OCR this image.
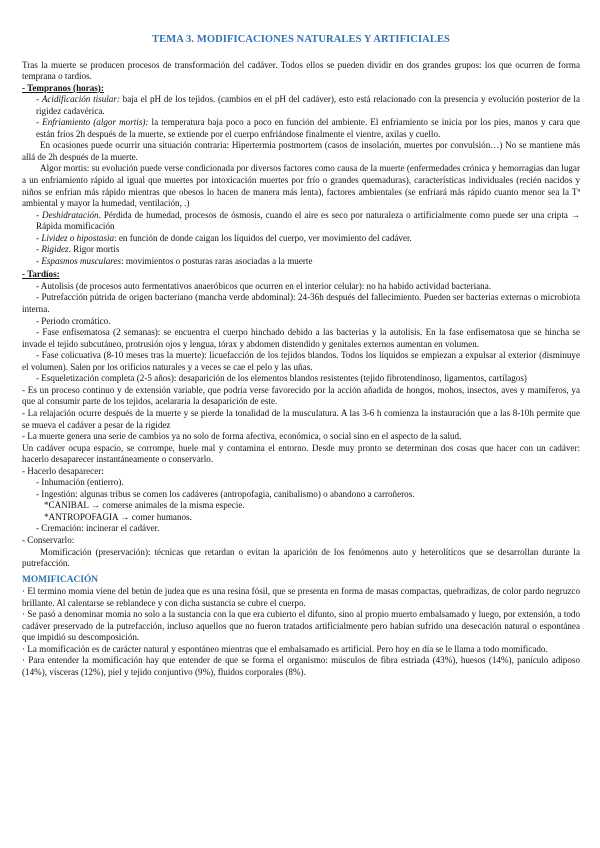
TEMA 3. MODIFICACIONES NATURALES Y ARTIFICIALES

Tras la muerte se producen procesos de transformación del cadáver. Todos ellos se pueden dividir en dos grandes grupos: los que ocurren de forma temprana o tardíos.

- Tempranos (horas):

- Acidificación tisular: baja el pH de los tejidos. (cambios en el pH del cadáver), esto está relacionado con la presencia y evolución posterior de la rigidez cadavérica.

- Enfriamiento (algor mortis): la temperatura baja poco a poco en función del ambiente. El enfriamiento se inicia por los pies, manos y cara que están fríos 2h después de la muerte, se extiende por el cuerpo enfriándose finalmente el vientre, axilas y cuello.

En ocasiones puede ocurrir una situación contraria: Hipertermia postmortem (casos de insolación, muertes por convulsión…) No se mantiene más allá de 2h después de la muerte.

Algor mortis: su evolución puede verse condicionada por diversos factores como causa de la muerte (enfermedades crónica y hemorragias dan lugar a un enfriamiento rápido al igual que muertes por intoxicación muertes por frío o grandes quemaduras), características individuales (recién nacidos y niños se enfrían más rápido mientras que obesos lo hacen de manera más lenta), factores ambientales (se enfriará más rápido cuanto menor sea la Tª ambiental y mayor la humedad, ventilación, .)

- Deshidratación. Pérdida de humedad, procesos de ósmosis, cuando el aire es seco por naturaleza o artificialmente como puede ser una cripta → Rápida momificación

- Lividez o hipostasia: en función de donde caigan los líquidos del cuerpo, ver movimiento del cadáver.

- Rigidez. Rigor mortis

- Espasmos musculares: movimientos o posturas raras asociadas a la muerte

- Tardíos:

- Autolisis (de procesos auto fermentativos anaeróbicos que ocurren en el interior celular): no ha habido actividad bacteriana.

- Putrefacción pútrida de origen bacteriano (mancha verde abdominal): 24-36h después del fallecimiento. Pueden ser bacterias externas o microbiota interna.

- Periodo cromático.

- Fase enfisematosa (2 semanas): se encuentra el cuerpo hinchado debido a las bacterias y la autolisis. En la fase enfisematosa que se hincha se invade el tejido subcutáneo, protrusión ojos y lengua, tórax y abdomen distendido y genitales externos aumentan en volumen.

- Fase colicuativa (8-10 meses tras la muerte): licuefacción de los tejidos blandos. Todos los líquidos se empiezan a expulsar al exterior (disminuye el volumen). Salen por los orificios naturales y a veces se cae el pelo y las uñas.

- Esqueletización completa (2-5 años): desaparición de los elementos blandos resistentes (tejido fibrotendinoso, ligamentos, cartílagos)

- Es un proceso continuo y de extensión variable, que podría verse favorecido por la acción añadida de hongos, mohos, insectos, aves y mamíferos, ya que al consumir parte de los tejidos, acelararía la desaparición de este.

- La relajación ocurre después de la muerte y se pierde la tonalidad de la musculatura. A las 3-6 h comienza la instauración que a las 8-10h permite que se mueva el cadáver a pesar de la rigidez

- La muerte genera una serie de cambios ya no solo de forma afectiva, económica, o social sino en el aspecto de la salud.

Un cadáver ocupa espacio, se corrompe, huele mal y contamina el entorno. Desde muy pronto se determinan dos cosas que hacer con un cadáver: hacerlo desaparecer instantáneamente o conservarlo.

- Hacerlo desaparecer:

- Inhumación (entierro).

- Ingestión: algunas tribus se comen los cadáveres (antropofagia, canibalismo) o abandono a carroñeros.

*CANIBAL → comerse animales de la misma especie.

*ANTROPOFAGIA → comer humanos.

- Cremación: incinerar el cadáver.

- Conservarlo:

Momificación (preservación): técnicas que retardan o evitan la aparición de los fenómenos auto y heterolíticos que se desarrollan durante la putrefacción.

MOMIFICACIÓN

· El termino momia viene del betún de judea que es una resina fósil, que se presenta en forma de masas compactas, quebradizas, de color pardo negruzco brillante. Al calentarse se reblandece y con dicha sustancia se cubre el cuerpo.

· Se pasó a denominar momia no solo a la sustancia con la que era cubierto el difunto, sino al propio muerto embalsamado y luego, por extensión, a todo cadáver preservado de la putrefacción, incluso aquellos que no fueron tratados artificialmente pero habían sufrido una desecación natural o espontánea que impidió su descomposición.

· La momificación es de carácter natural y espontáneo mientras que el embalsamado es artificial. Pero hoy en día se le llama a todo momificado.

· Para entender la momificación hay que entender de que se forma el organismo: músculos de fibra estriada (43%), huesos (14%), panículo adiposo (14%), vísceras (12%), piel y tejido conjuntivo (9%), fluidos corporales (8%).
